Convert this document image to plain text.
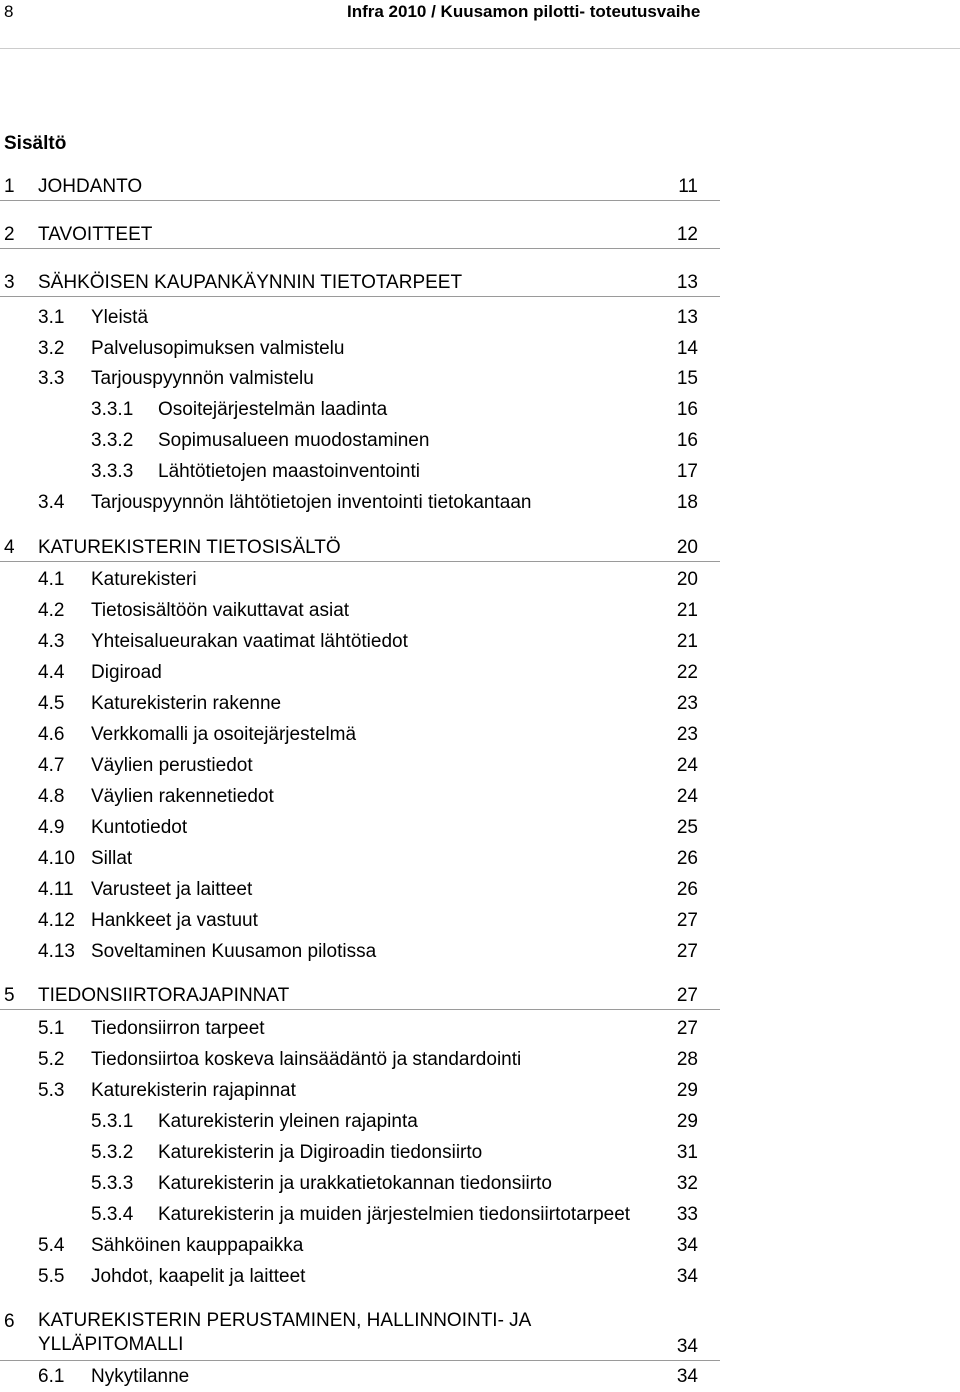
8	Infra 2010 / Kuusamon pilotti- toteutusvaihe
Sisältö
1 JOHDANTO	11
2 TAVOITTEET	12
3 SÄHKÖISEN KAUPANKÄYNNIN TIETOTARPEET	13
3.1 Yleistä	13
3.2 Palvelusopimuksen valmistelu	14
3.3 Tarjouspyynnön valmistelu	15
3.3.1 Osoitejärjestelmän laadinta	16
3.3.2 Sopimusalueen muodostaminen	16
3.3.3 Lähtötietojen maastoinventointi	17
3.4 Tarjouspyynnön lähtötietojen inventointi tietokantaan	18
4 KATUREKISTERIN TIETOSISÄLTÖ	20
4.1 Katurekisteri	20
4.2 Tietosisältöön vaikuttavat asiat	21
4.3 Yhteisalueurakan vaatimat lähtötiedot	21
4.4 Digiroad	22
4.5 Katurekisterin rakenne	23
4.6 Verkkomalli ja osoitejärjestelmä	23
4.7 Väylien perustiedot	24
4.8 Väylien rakennetiedot	24
4.9 Kuntotiedot	25
4.10 Sillat	26
4.11 Varusteet ja laitteet	26
4.12 Hankkeet ja vastuut	27
4.13 Soveltaminen Kuusamon pilotissa	27
5 TIEDONSIIRTORAJAPINNAT	27
5.1 Tiedonsiirron tarpeet	27
5.2 Tiedonsiirtoa koskeva lainsäädäntö ja standardointi	28
5.3 Katurekisterin rajapinnat	29
5.3.1 Katurekisterin yleinen rajapinta	29
5.3.2 Katurekisterin ja Digiroadin tiedonsiirto	31
5.3.3 Katurekisterin ja urakkatietokannan tiedonsiirto	32
5.3.4 Katurekisterin ja muiden järjestelmien tiedonsiirtotarpeet 33
5.4 Sähköinen kauppapaikka	34
5.5 Johdot, kaapelit ja laitteet	34
6 KATUREKISTERIN PERUSTAMINEN, HALLINNOINTI- JA YLLÄPITOMALLI	34
6.1 Nykytilanne	34
